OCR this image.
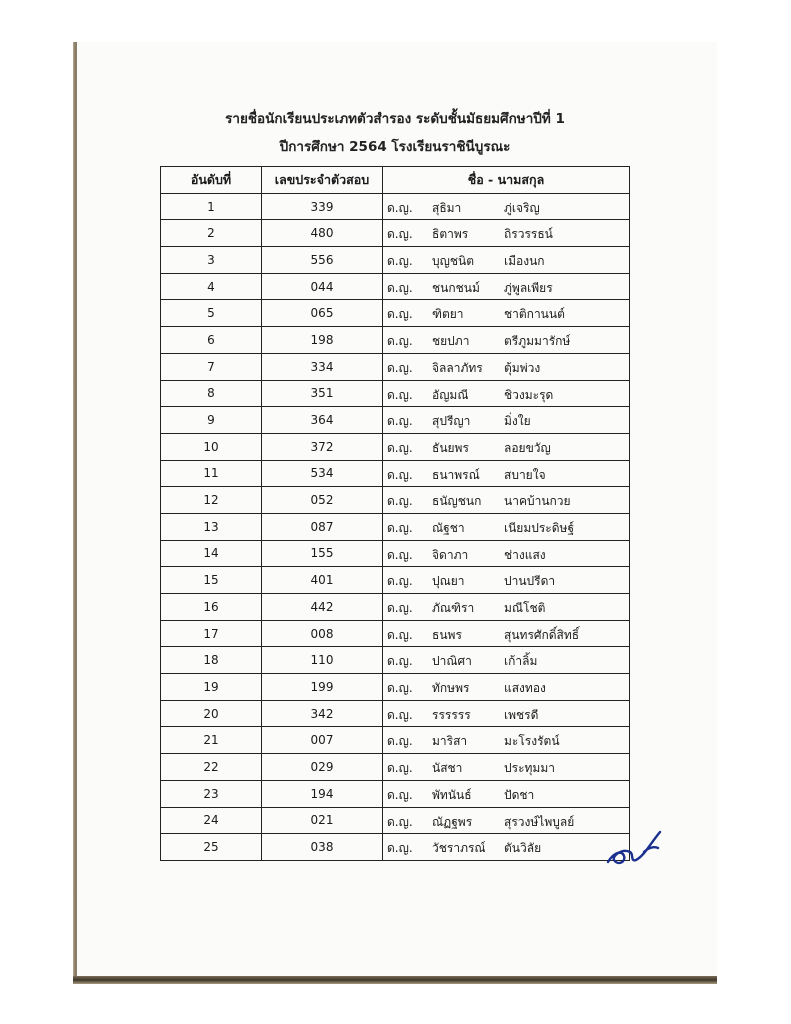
รายชื่อนักเรียนประเภทตัวสำรอง ระดับชั้นมัธยมศึกษาปีที่ 1
ปีการศึกษา 2564 โรงเรียนราชินีบูรณะ
อันดับที่	เลขประจำตัวสอบ	ชื่อ - นามสกุล
1	339	ด.ญ. สุธิมา ภู่เจริญ

2	480	ด.ญ. ธิตาพร ถิรวรรธน์

3	556	ด.ญ. บุญชนิต เมืองนก

4	044	ด.ญ. ชนกชนม์ ภู่พูลเพียร

5	065	ด.ญ. ฑิตยา ชาติกานนต์

6	198	ด.ญ. ชยปภา ตรีภูมมารักษ์

7	334	ด.ญ. จิลลาภัทร ตุ้มพ่วง

8	351	ด.ญ. อัญมณี ชิวงมะรุด

9	364	ด.ญ. สุปรีญา มิ่งใย

10	372	ด.ญ. ธันยพร ลอยขวัญ

11	534	ด.ญ. ธนาพรณ์ สบายใจ

12	052	ด.ญ. ธนัญชนก นาคบ้านกวย

13	087	ด.ญ. ณัฐชา เนียมประดิษฐ์

14	155	ด.ญ. จิดาภา ช่างแสง

15	401	ด.ญ. ปุณยา ปานปรีดา

16	442	ด.ญ. ภัณฑิรา มณีโชติ

17	008	ด.ญ. ธนพร สุนทรศักดิ์สิทธิ์

18	110	ด.ญ. ปาณิศา เก้าลิ้ม

19	199	ด.ญ. ทักษพร แสงทอง

20	342	ด.ญ. รรรรรร เพชรดี

21	007	ด.ญ. มาริสา มะโรงรัตน์

22	029	ด.ญ. นัสชา ประทุมมา

23	194	ด.ญ. พัทนันธ์ ปัดชา

24	021	ด.ญ. ณัฏฐพร สุรวงษ์ไพบูลย์

25	038	ด.ญ. วัชราภรณ์ ตันวิลัย
